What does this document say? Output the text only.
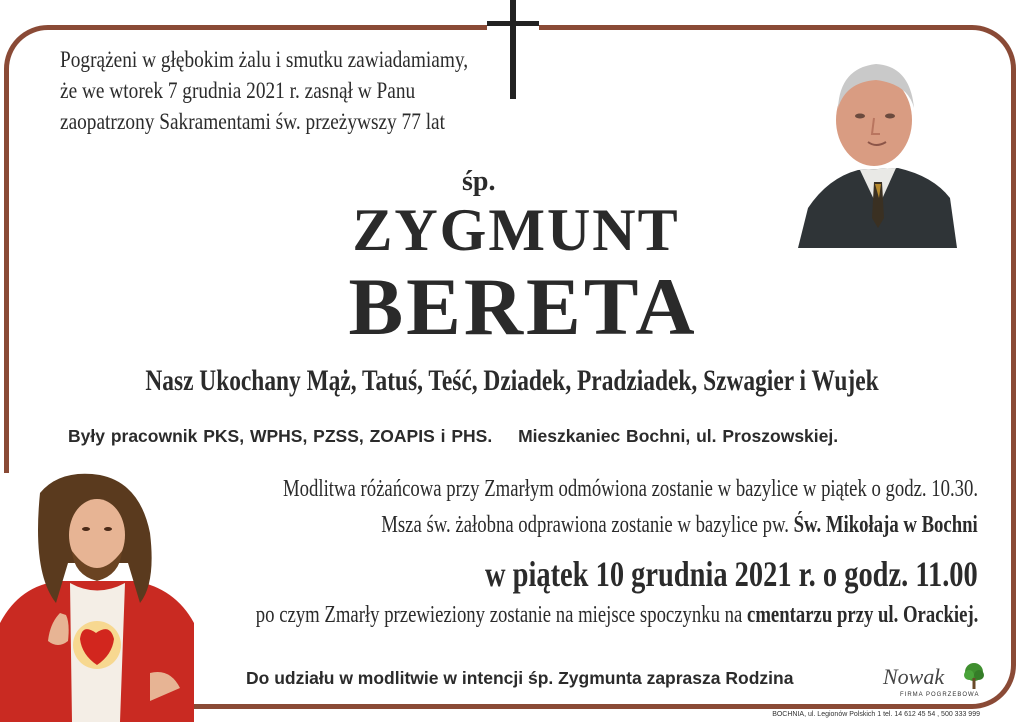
Pogrążeni w głębokim żalu i smutku zawiadamiamy,
że we wtorek 7 grudnia 2021 r. zasnął w Panu
zaopatrzony Sakramentami św. przeżywszy 77 lat
śp.
ZYGMUNT
BERETA
Nasz Ukochany Mąż, Tatuś, Teść, Dziadek, Pradziadek, Szwagier i Wujek
Były pracownik PKS, WPHS, PZSS, ZOAPIS i PHS. Mieszkaniec Bochni, ul. Proszowskiej.
Modlitwa różańcowa przy Zmarłym odmówiona zostanie w bazylice w piątek o godz. 10.30.
Msza św. żałobna odprawiona zostanie w bazylice pw. Św. Mikołaja w Bochni
w piątek 10 grudnia 2021 r. o godz. 11.00
po czym Zmarły przewieziony zostanie na miejsce spoczynku na cmentarzu przy ul. Orackiej.
Do udziału w modlitwie w intencji śp. Zygmunta zaprasza Rodzina	Nowak
FIRMA POGRZEBOWA
BOCHNIA, ul. Legionów Polskich 1 tel. 14 612 45 54 , 500 333 999
